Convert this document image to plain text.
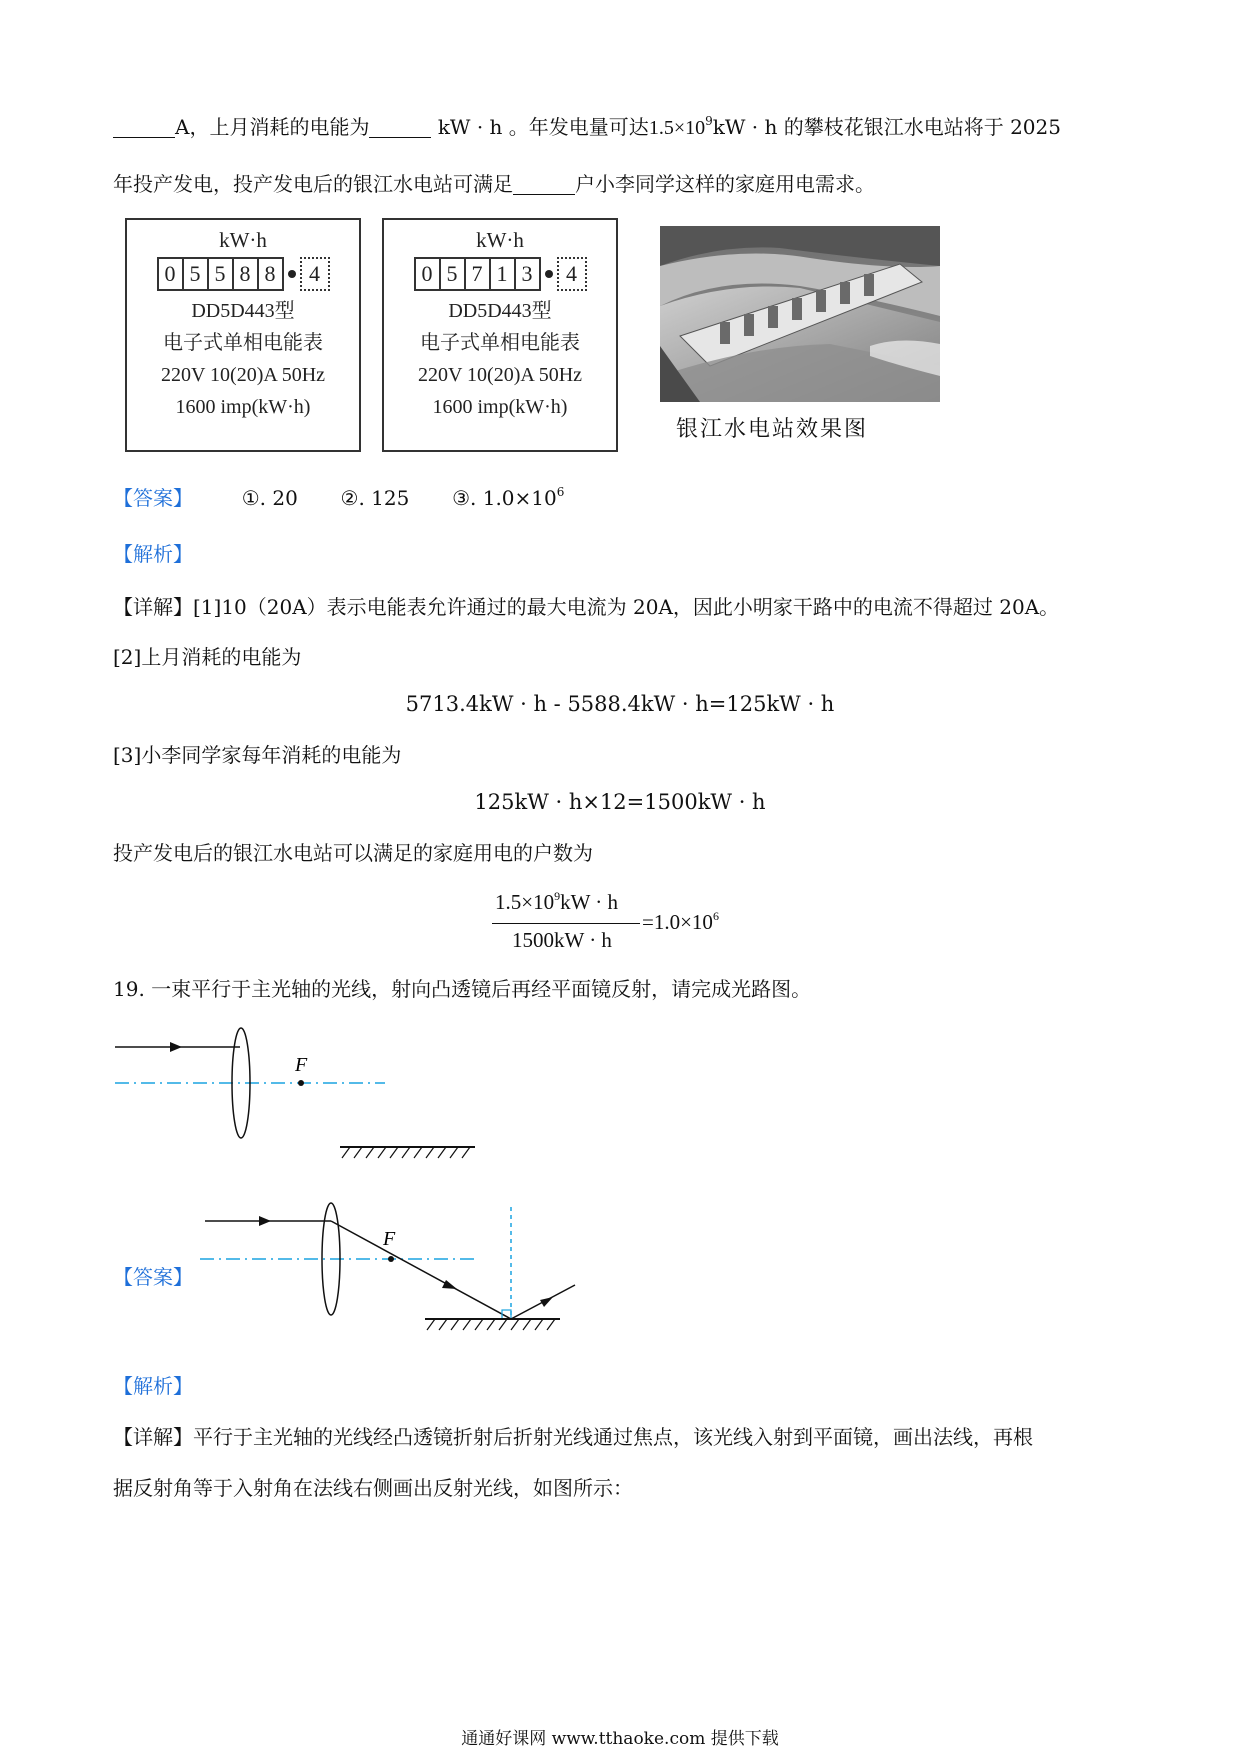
A，上月消耗的电能为	kW · h 。年发电量可达$1.5\times 10^9kW \cdot h$ 的攀枝花银江水电站将于 2025
年投产发电，投产发电后的银江水电站可满足	户小李同学这样的家庭用电需求。
kW·h
0 5 5 8 8	4
DD5D443型
电子式单相电能表
220V 10(20)A 50Hz
1600 imp(kW·h)
kW·h
0 5 7 1 3	4
DD5D443型
电子式单相电能表
220V 10(20)A 50Hz
1600 imp(kW·h)
银江水电站效果图
【答案】 ①. 20 ②. 125 ③. $1.0\times 10^6$
【解析】
【详解】[1]10（20A）表示电能表允许通过的最大电流为 20A，因此小明家干路中的电流不得超过 20A。
[2]上月消耗的电能为
5713.4kW · h - 5588.4kW · h=125kW · h
[3]小李同学家每年消耗的电能为
125kW · h×12=1500kW · h
投产发电后的银江水电站可以满足的家庭用电的户数为
$1.5\times 10^9kW \cdot h$
1500kW · h
$=1.0\times 10^6$
19. 一束平行于主光轴的光线，射向凸透镜后再经平面镜反射，请完成光路图。
F
【答案】
F
【解析】
【详解】平行于主光轴的光线经凸透镜折射后折射光线通过焦点，该光线入射到平面镜，画出法线，再根
据反射角等于入射角在法线右侧画出反射光线，如图所示：
通通好课网 www.tthaoke.com 提供下载
